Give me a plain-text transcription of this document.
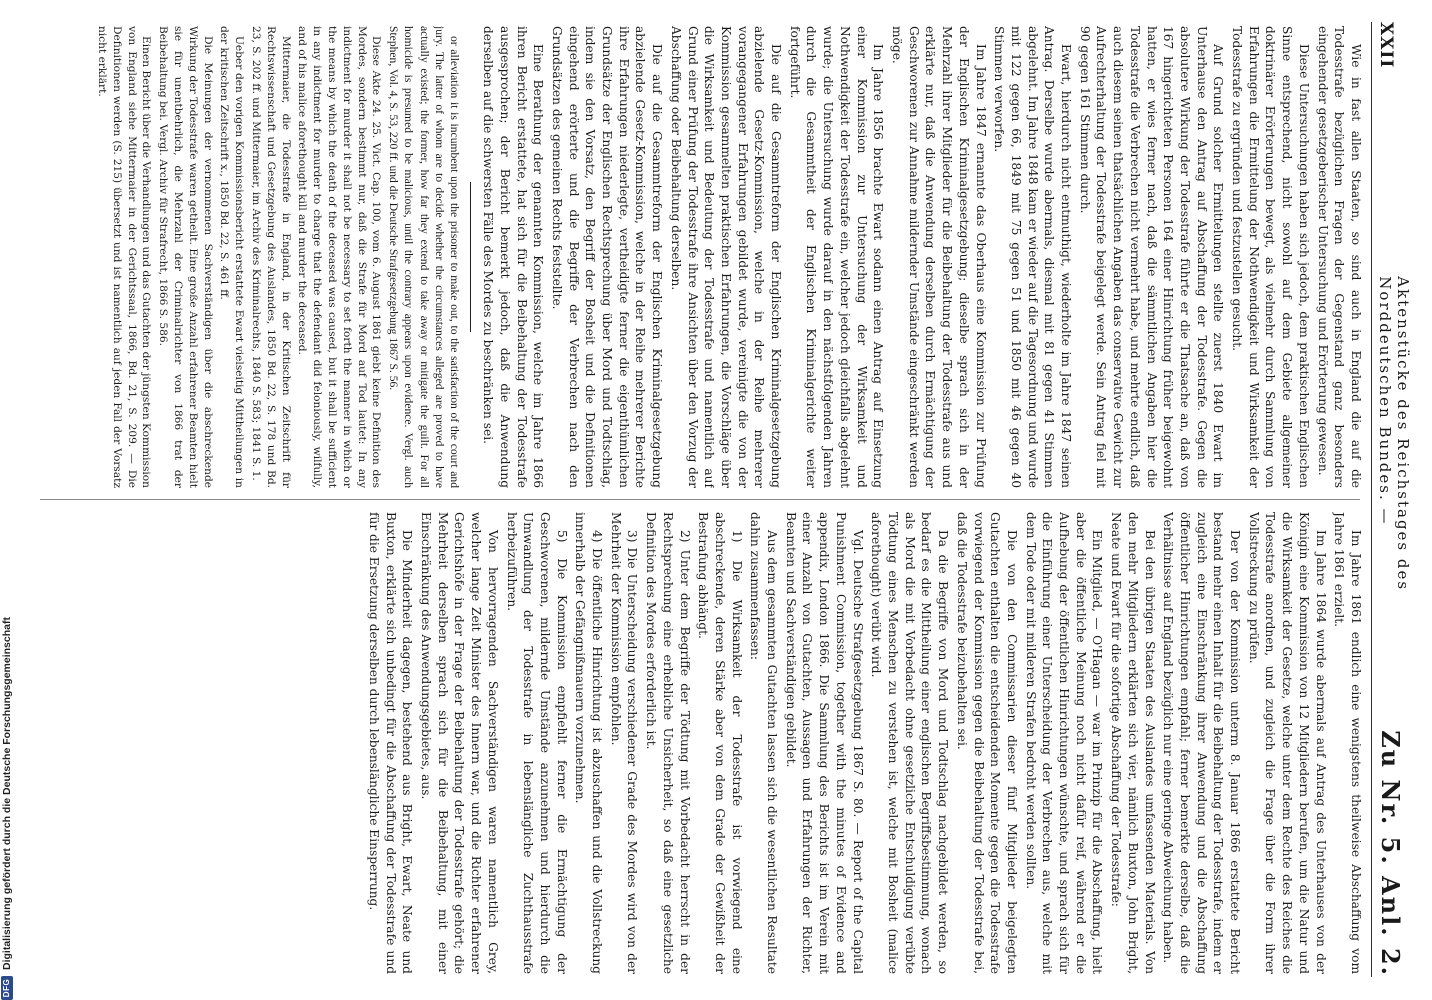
XXII
Aktenstücke des Reichstages des Norddeutschen Bundes. —
Zu Nr. 5. Anl. 2.

Wie in fast allen Staaten, so sind auch in England die auf die Todesstrafe bezüglichen Fragen der Gegenstand ganz besonders eingehender gesetzgeberischer Untersuchung und Erörterung gewesen.

Diese Untersuchungen haben sich jedoch, dem praktischen Englischen Sinne entsprechend, nicht sowohl auf dem Gebiete allgemeiner doktrinärer Erörterungen bewegt, als vielmehr durch Sammlung von Erfahrungen die Ermittelung der Nothwendigkeit und Wirksamkeit der Todesstrafe zu ergründen und festzustellen gesucht.

Auf Grund solcher Ermittelungen stellte zuerst 1840 Ewart im Unterhause den Antrag auf Abschaffung der Todesstrafe. Gegen die absolutere Wirkung der Todesstrafe führte er die Thatsache an, daß von 167 hingerichteten Personen 164 einer Hinrichtung früher beigewohnt hatten, er wies ferner nach, daß die sämmtlichen Angaben hier die Todesstrafe die Verbrechen nicht vermehrt habe, und mehrte endlich, daß auch diesem seinen thatsächlichen Angaben das conservative Gewicht zur Aufrechterhaltung der Todesstrafe beigelegt werde. Sein Antrag fiel mit 90 gegen 161 Stimmen durch.

Ewart, hierdurch nicht entmuthigt, wiederholte im Jahre 1847 seinen Antrag. Derselbe wurde abermals, diesmal mit 81 gegen 41 Stimmen abgelehnt. Im Jahre 1848 kam er wieder auf die Tagesordnung und wurde mit 122 gegen 66, 1849 mit 75 gegen 51 und 1850 mit 46 gegen 40 Stimmen verworfen.

Im Jahre 1847 ernannte das Oberhaus eine Kommission zur Prüfung der Englischen Kriminalgesetzgebung; dieselbe sprach sich in der Mehrzahl ihrer Mitglieder für die Beibehaltung der Todesstrafe aus und erklärte nur, daß die Anwendung derselben durch Ermächtigung der Geschworenen zur Annahme mildernder Umstände eingeschränkt werden möge.

Im Jahre 1856 brachte Ewart sodann einen Antrag auf Einsetzung einer Kommission zur Untersuchung der Wirksamkeit und Nothwendigkeit der Todesstrafe ein, welcher jedoch gleichfalls abgelehnt wurde; die Untersuchung wurde darauf in den nächstfolgenden Jahren durch die Gesammtheit der Englischen Kriminalgerichte weiter fortgeführt.

Die auf die Gesammtreform der Englischen Kriminalgesetzgebung abzielende Gesetz-Kommission, welche in der Reihe mehrerer vorangegangener Erfahrungen gebildet wurde, vereinigte die von der Kommission gesammelten praktischen Erfahrungen, die Vorschläge über die Wirksamkeit und Bedeutung der Todesstrafe und namentlich auf Grund einer Prüfung der Todesstrafe ihre Ansichten über den Vorzug der Abschaffung oder Beibehaltung derselben.

Die auf die Gesammtreform der Englischen Kriminalgesetzgebung abzielende Gesetz-Kommission, welche in der Reihe mehrerer Berichte ihre Erfahrungen niederlegte, vertheidigte ferner die eigenthümlichen Grundsätze der Englischen Rechtsprechung über Mord und Todtschlag, indem sie den Vorsatz, den Begriff der Bosheit und die Definitionen eingehend erörterte und die Begriffe der Verbrechen nach den Grundsätzen des gemeinen Rechts feststellte.

Eine Berathung der genannten Kommission, welche im Jahre 1866 ihren Bericht erstattete, hat sich für die Beibehaltung der Todesstrafe ausgesprochen; der Bericht bemerkt jedoch, daß die Anwendung derselben auf die schwersten Fälle des Mordes zu beschränken sei.

or alleviation it is incumbent upon the prisoner to make out, to the satisfaction of the court and jury. The latter of whom are to decide whether the circumstances alleged are proved to have actually existed; the former, how far they extend to take away or mitigate the guilt. For all homicide is presumed to be malicious, until the contrary appears upon evidence. Vergl. auch Stephen, Vol. 4, S. 53, 220 ff. und die Deutsche Strafgesetzgebung 1867 S. 56.

Diese Akte 24. 25. Vict. Cap. 100, vom 6. August 1861 giebt keine Definition des Mordes, sondern bestimmt nur, daß die Strafe für Mord auf Tod lautet: In any indictment for murder it shall not be necessary to set forth the manner in which or the means by which the death of the deceased was caused, but it shall be sufficient in any indictment for murder to charge that the defendant did feloniously, wilfully, and of his malice aforethought kill and murder the deceased.

Mittermaier, die Todesstrafe in England, in der Kritischen Zeitschrift für Rechtswissenschaft und Gesetzgebung des Auslandes, 1850 Bd. 22, S. 178 und Bd. 23, S. 202 ff. und Mittermaier, im Archiv des Kriminalrechts, 1840 S. 583; 1841 S. 1.

Ueber den vorigen Kommissionsbericht erstattete Ewart vielseitig Mittheilungen in der kritischen Zeitschrift x., 1850 Bd. 22, S. 461 ff.

Die Meinungen der vernommenen Sachverständigen über die abschreckende Wirkung der Todesstrafe waren getheilt. Eine große Anzahl erfahrener Beamten hielt sie für unentbehrlich, die Mehrzahl der Criminalrichter von 1866 trat der Beibehaltung bei. Vergl. Archiv für Strafrecht, 1866 S. 586.

Einen Bericht über die Verhandlungen und das Gutachten der jüngsten Kommission von England siehe Mittermaier in der Gerichtssaal, 1866, Bd. 21, S. 209. — Die Definitionen werden (S. 215) übersetzt und ist namentlich auf jeden Fall der Vorsatz nicht erklärt.

Im Jahre 1861 endlich eine wenigstens theilweise Abschaffung vom Jahre 1861 erzielt.

Im Jahre 1864 wurde abermals auf Antrag des Unterhauses von der Königin eine Kommission von 12 Mitgliedern berufen, um die Natur und die Wirksamkeit der Gesetze, welche unter dem Rechte des Reiches die Todesstrafe anordnen, und zugleich die Frage über die Form ihrer Vollstreckung zu prüfen.

Der von der Kommission unterm 8. Januar 1866 erstattete Bericht bestand mehr einen Inhalt für die Beibehaltung der Todesstrafe, indem er zugleich eine Einschränkung ihrer Anwendung und die Abschaffung öffentlicher Hinrichtungen empfahl; ferner bemerkte derselbe, daß die Verhältnisse auf England bezüglich nur eine geringe Abweichung haben.

Bei den übrigen Staaten des Auslandes umfassenden Materials. Von den mehr Mitgliedern erklärten sich vier, nämlich Buxton, John Bright, Neate und Ewart für die sofortige Abschaffung der Todesstrafe:

Ein Mitglied, — O'Hagan — war im Prinzip für die Abschaffung, hielt aber die öffentliche Meinung noch nicht dafür reif, während er die Aufhebung der öffentlichen Hinrichtungen wünschte, und sprach sich für die Einführung einer Unterscheidung der Verbrechen aus, welche mit dem Tode oder mit milderen Strafen bedroht werden sollten.

Die von den Commissarien dieser fünf Mitglieder beigelegten Gutachten enthalten die entscheidenden Momente gegen die Todesstrafe vorwiegend der Kommission gegen die Beibehaltung der Todesstrafe bei, daß die Todesstrafe beizubehalten sei.

Da die Begriffe von Mord und Todtschlag nachgebildet werden, so bedarf es die Mittheilung einer englischen Begriffsbestimmung, wonach als Mord die mit Vorbedacht ohne gesetzliche Entschuldigung verübte Tödtung eines Menschen zu verstehen ist, welche mit Bosheit (malice aforethought) verübt wird.

Vgl. Deutsche Strafgesetzgebung 1867 S. 80. — Report of the Capital Punishment Commission, together with the minutes of Evidence and appendix, London 1866. Die Sammlung des Berichts ist im Verein mit einer Anzahl von Gutachten, Aussagen und Erfahrungen der Richter, Beamten und Sachverständigen gebildet.

Aus dem gesammten Gutachten lassen sich die wesentlichen Resultate dahin zusammenfassen:

1) Die Wirksamkeit der Todesstrafe ist vorwiegend eine abschreckende, deren Stärke aber von dem Grade der Gewißheit der Bestrafung abhängt.

2) Unter dem Begriffe der Tödtung mit Vorbedacht herrscht in der Rechtsprechung eine erhebliche Unsicherheit, so daß eine gesetzliche Definition des Mordes erforderlich ist.

3) Die Unterscheidung verschiedener Grade des Mordes wird von der Mehrheit der Kommission empfohlen.

4) Die öffentliche Hinrichtung ist abzuschaffen und die Vollstreckung innerhalb der Gefängnißmauern vorzunehmen.

5) Die Kommission empfiehlt ferner die Ermächtigung der Geschworenen, mildernde Umstände anzunehmen und hierdurch die Umwandlung der Todesstrafe in lebenslängliche Zuchthausstrafe herbeizuführen.

Von hervorragenden Sachverständigen waren namentlich Grey, welcher lange Zeit Minister des Innern war, und die Richter erfahrener Gerichtshöfe in der Frage der Beibehaltung der Todesstrafe gehört; die Mehrheit derselben sprach sich für die Beibehaltung, mit einer Einschränkung des Anwendungsgebietes, aus.

Die Minderheit dagegen, bestehend aus Bright, Ewart, Neate und Buxton, erklärte sich unbedingt für die Abschaffung der Todesstrafe und für die Ersetzung derselben durch lebenslängliche Einsperrung.

DFG
Digitalisierung gefördert durch die Deutsche Forschungsgemeinschaft
